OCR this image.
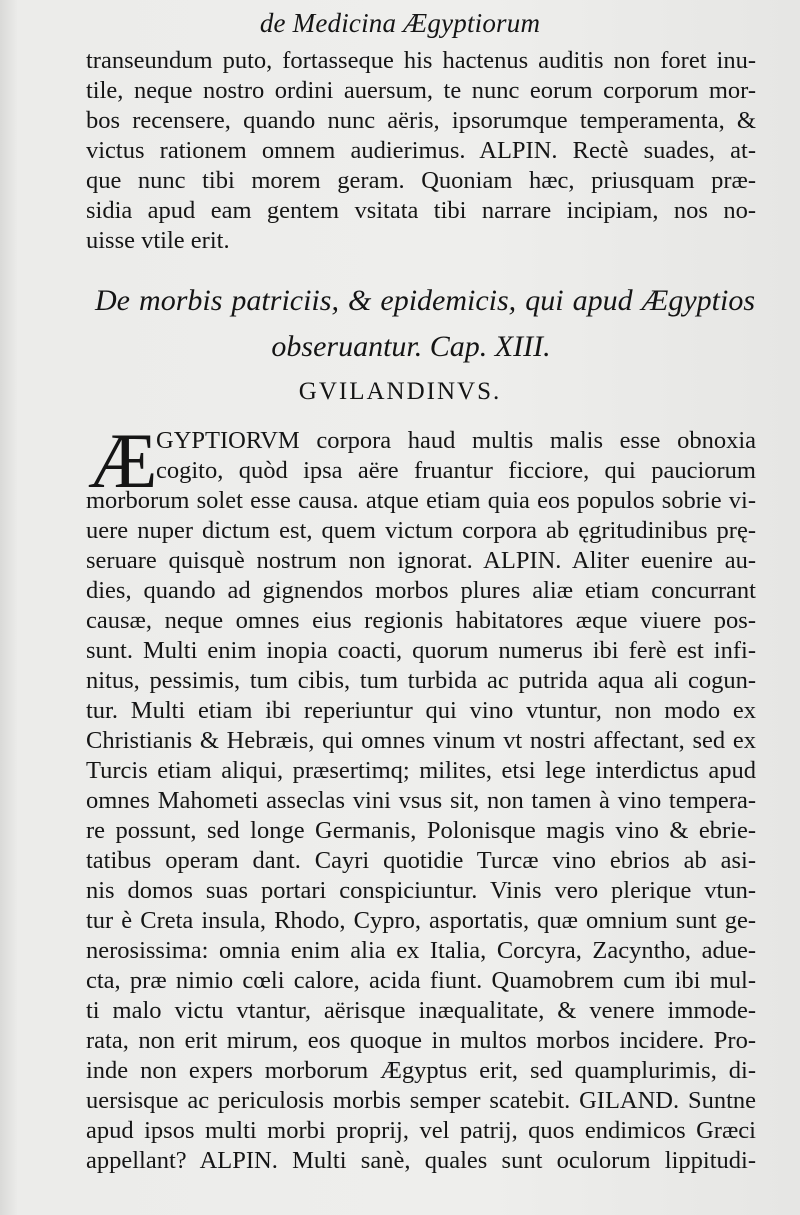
de Medicina Ægyptiorum
transeundum puto, fortasseque his hactenus auditis non foret inu-
tile, neque nostro ordini auersum, te nunc eorum corporum mor-
bos recensere, quando nunc aëris, ipsorumque temperamenta, &
victus rationem omnem audierimus. ALPIN. Rectè suades, at-
que nunc tibi morem geram. Quoniam hæc, priusquam præ-
sidia apud eam gentem vsitata tibi narrare incipiam, nos no-
uisse vtile erit.
De morbis patriciis, & epidemicis, qui apud Ægyptios
obseruantur. Cap. XIII.
GVILANDINVS.
Æ
GYPTIORVM corpora haud multis malis esse obnoxia
cogito, quòd ipsa aëre fruantur ficciore, qui pauciorum
morborum solet esse causa. atque etiam quia eos populos sobrie vi-
uere nuper dictum est, quem victum corpora ab ęgritudinibus prę-
seruare quisquè nostrum non ignorat. ALPIN. Aliter euenire au-
dies, quando ad gignendos morbos plures aliæ etiam concurrant
causæ, neque omnes eius regionis habitatores æque viuere pos-
sunt. Multi enim inopia coacti, quorum numerus ibi ferè est infi-
nitus, pessimis, tum cibis, tum turbida ac putrida aqua ali cogun-
tur. Multi etiam ibi reperiuntur qui vino vtuntur, non modo ex
Christianis & Hebræis, qui omnes vinum vt nostri affectant, sed ex
Turcis etiam aliqui, præsertimq; milites, etsi lege interdictus apud
omnes Mahometi asseclas vini vsus sit, non tamen à vino tempera-
re possunt, sed longe Germanis, Polonisque magis vino & ebrie-
tatibus operam dant. Cayri quotidie Turcæ vino ebrios ab asi-
nis domos suas portari conspiciuntur. Vinis vero plerique vtun-
tur è Creta insula, Rhodo, Cypro, asportatis, quæ omnium sunt ge-
nerosissima: omnia enim alia ex Italia, Corcyra, Zacyntho, adue-
cta, præ nimio cœli calore, acida fiunt. Quamobrem cum ibi mul-
ti malo victu vtantur, aërisque inæqualitate, & venere immode-
rata, non erit mirum, eos quoque in multos morbos incidere. Pro-
inde non expers morborum Ægyptus erit, sed quamplurimis, di-
uersisque ac periculosis morbis semper scatebit. GILAND. Suntne
apud ipsos multi morbi proprij, vel patrij, quos endimicos Græci
appellant? ALPIN. Multi sanè, quales sunt oculorum lippitudi-
